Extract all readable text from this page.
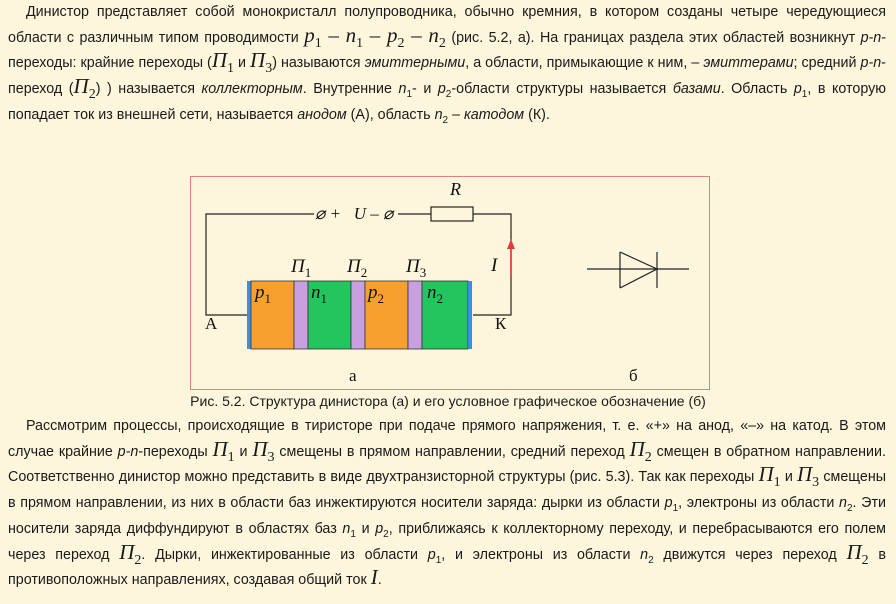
Динистор представляет собой монокристалл полупроводника, обычно кремния, в котором созданы четыре чередующиеся области с различным типом проводимости $p_1 - n_1 - p_2 - n_2$ (рис. 5.2, а). На границах раздела этих областей возникнут p-n-переходы: крайние переходы ($П_1$ и $П_3$) называются эмиттерными, а области, примыкающие к ним, – эмиттерами; средний p-n-переход $(П_2)$ ) называется коллекторным. Внутренние $n_1-$ и $p_2$-области структуры называется базами. Область $p_1$, в которую попадает ток из внешней сети, называется анодом (А), область $n_2$ – катодом (К).

R
⌀ +   U – ⌀
I
$П_1$ $П_2$ $П_3$
$p_1$ $n_1$ $p_2$ $n_2$
А	К
а	б
Рис. 5.2. Структура динистора (а) и его условное графическое обозначение (б)

Рассмотрим процессы, происходящие в тиристоре при подаче прямого напряжения, т. е. «+» на анод, «–» на катод. В этом случае крайние p-n-переходы $П_1$ и $П_3$ смещены в прямом направлении, средний переход $П_2$ смещен в обратном направлении. Соответственно динистор можно представить в виде двухтранзисторной структуры (рис. 5.3). Так как переходы $П_1$ и $П_3$ смещены в прямом направлении, из них в области баз инжектируются носители заряда: дырки из области $p_1$, электроны из области $n_2$. Эти носители заряда диффундируют в областях баз $n_1$ и $p_2$, приближаясь к коллекторному переходу, и перебрасываются его полем через переход $П_2$. Дырки, инжектированные из области $p_1$, и электроны из области $n_2$ движутся через переход $П_2$ в противоположных направлениях, создавая общий ток I.
